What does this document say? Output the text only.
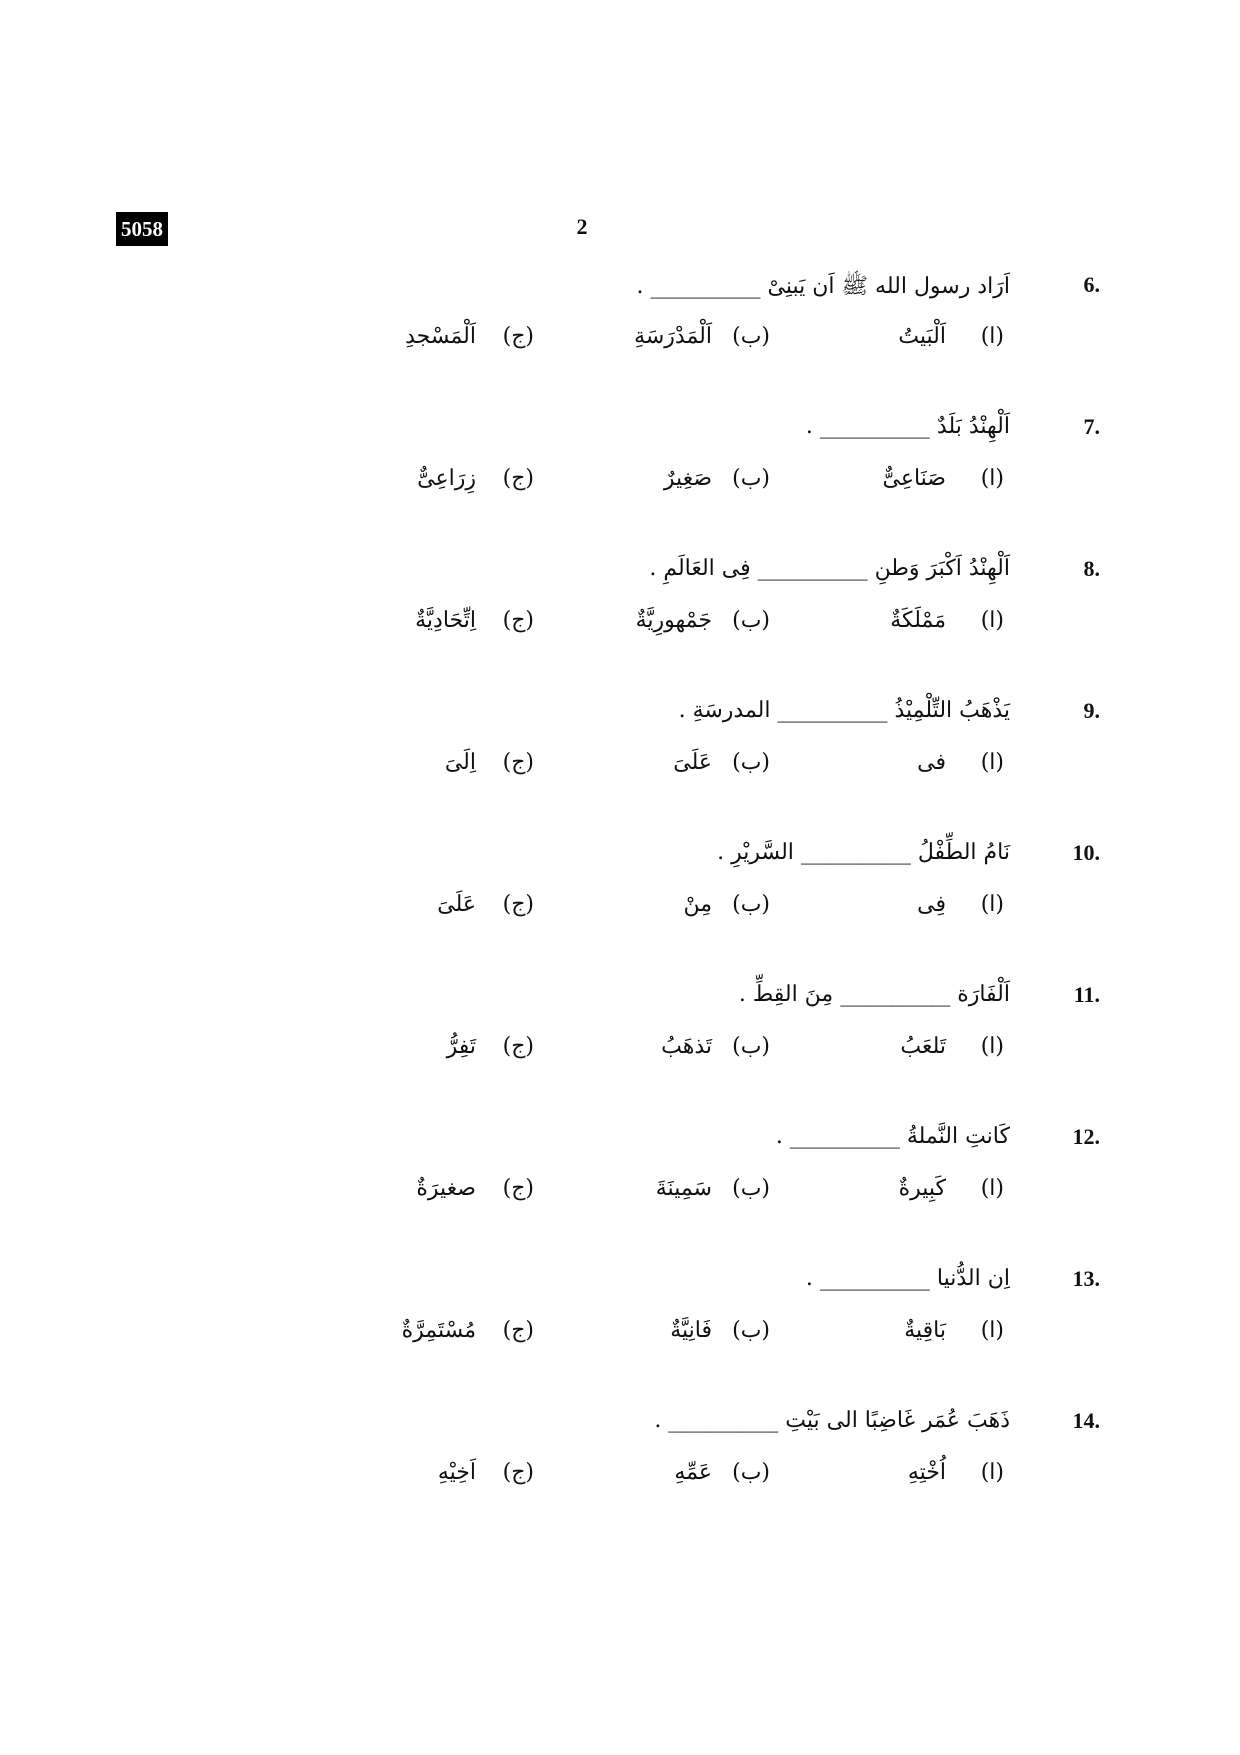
5058	2
6.
اَرَاد رسول الله ﷺ اَن يَبنِىْ __________ .
(ا)
اَلْبَيتُ
(ب)
اَلْمَدْرَسَةِ
(ج)
اَلْمَسْجدِ
7.
اَلْهِنْدُ بَلَدٌ __________ .
(ا)
صَنَاعِىٌّ
(ب)
صَغِيرٌ
(ج)
زِرَاعِىٌّ
8.
اَلْهِنْدُ اَكْبَرَ وَطنِ __________ فِى العَالَمِ .
(ا)
مَمْلَكَةٌ
(ب)
جَمْهورِيَّةٌ
(ج)
اِتِّحَادِيَّةٌ
9.
يَذْهَبُ التِّلْمِيْذُ __________ المدرسَةِ .
(ا)
فى
(ب)
عَلَىَ
(ج)
اِلَىَ
10.
نَامُ الطِّفْلُ __________ السَّريْرِ .
(ا)
فِى
(ب)
مِنْ
(ج)
عَلَىَ
11.
اَلْفَارَة __________ مِنَ القِطِّ .
(ا)
تَلعَبُ
(ب)
تَذهَبُ
(ج)
تَفِرُّ
12.
كَانتِ النَّملةُ __________ .
(ا)
كَبِيرةٌ
(ب)
سَمِينَةَ
(ج)
صغيرَةٌ
13.
اِن الدُّنيا __________ .
(ا)
بَاقِيةٌ
(ب)
فَانِيَّةٌ
(ج)
مُسْتَمِرَّةٌ
14.
ذَهَبَ عُمَر غَاضِبًا الى بَيْتِ __________ .
(ا)
اُخْتِهِ
(ب)
عَمِّهِ
(ج)
اَخِيْهِ
